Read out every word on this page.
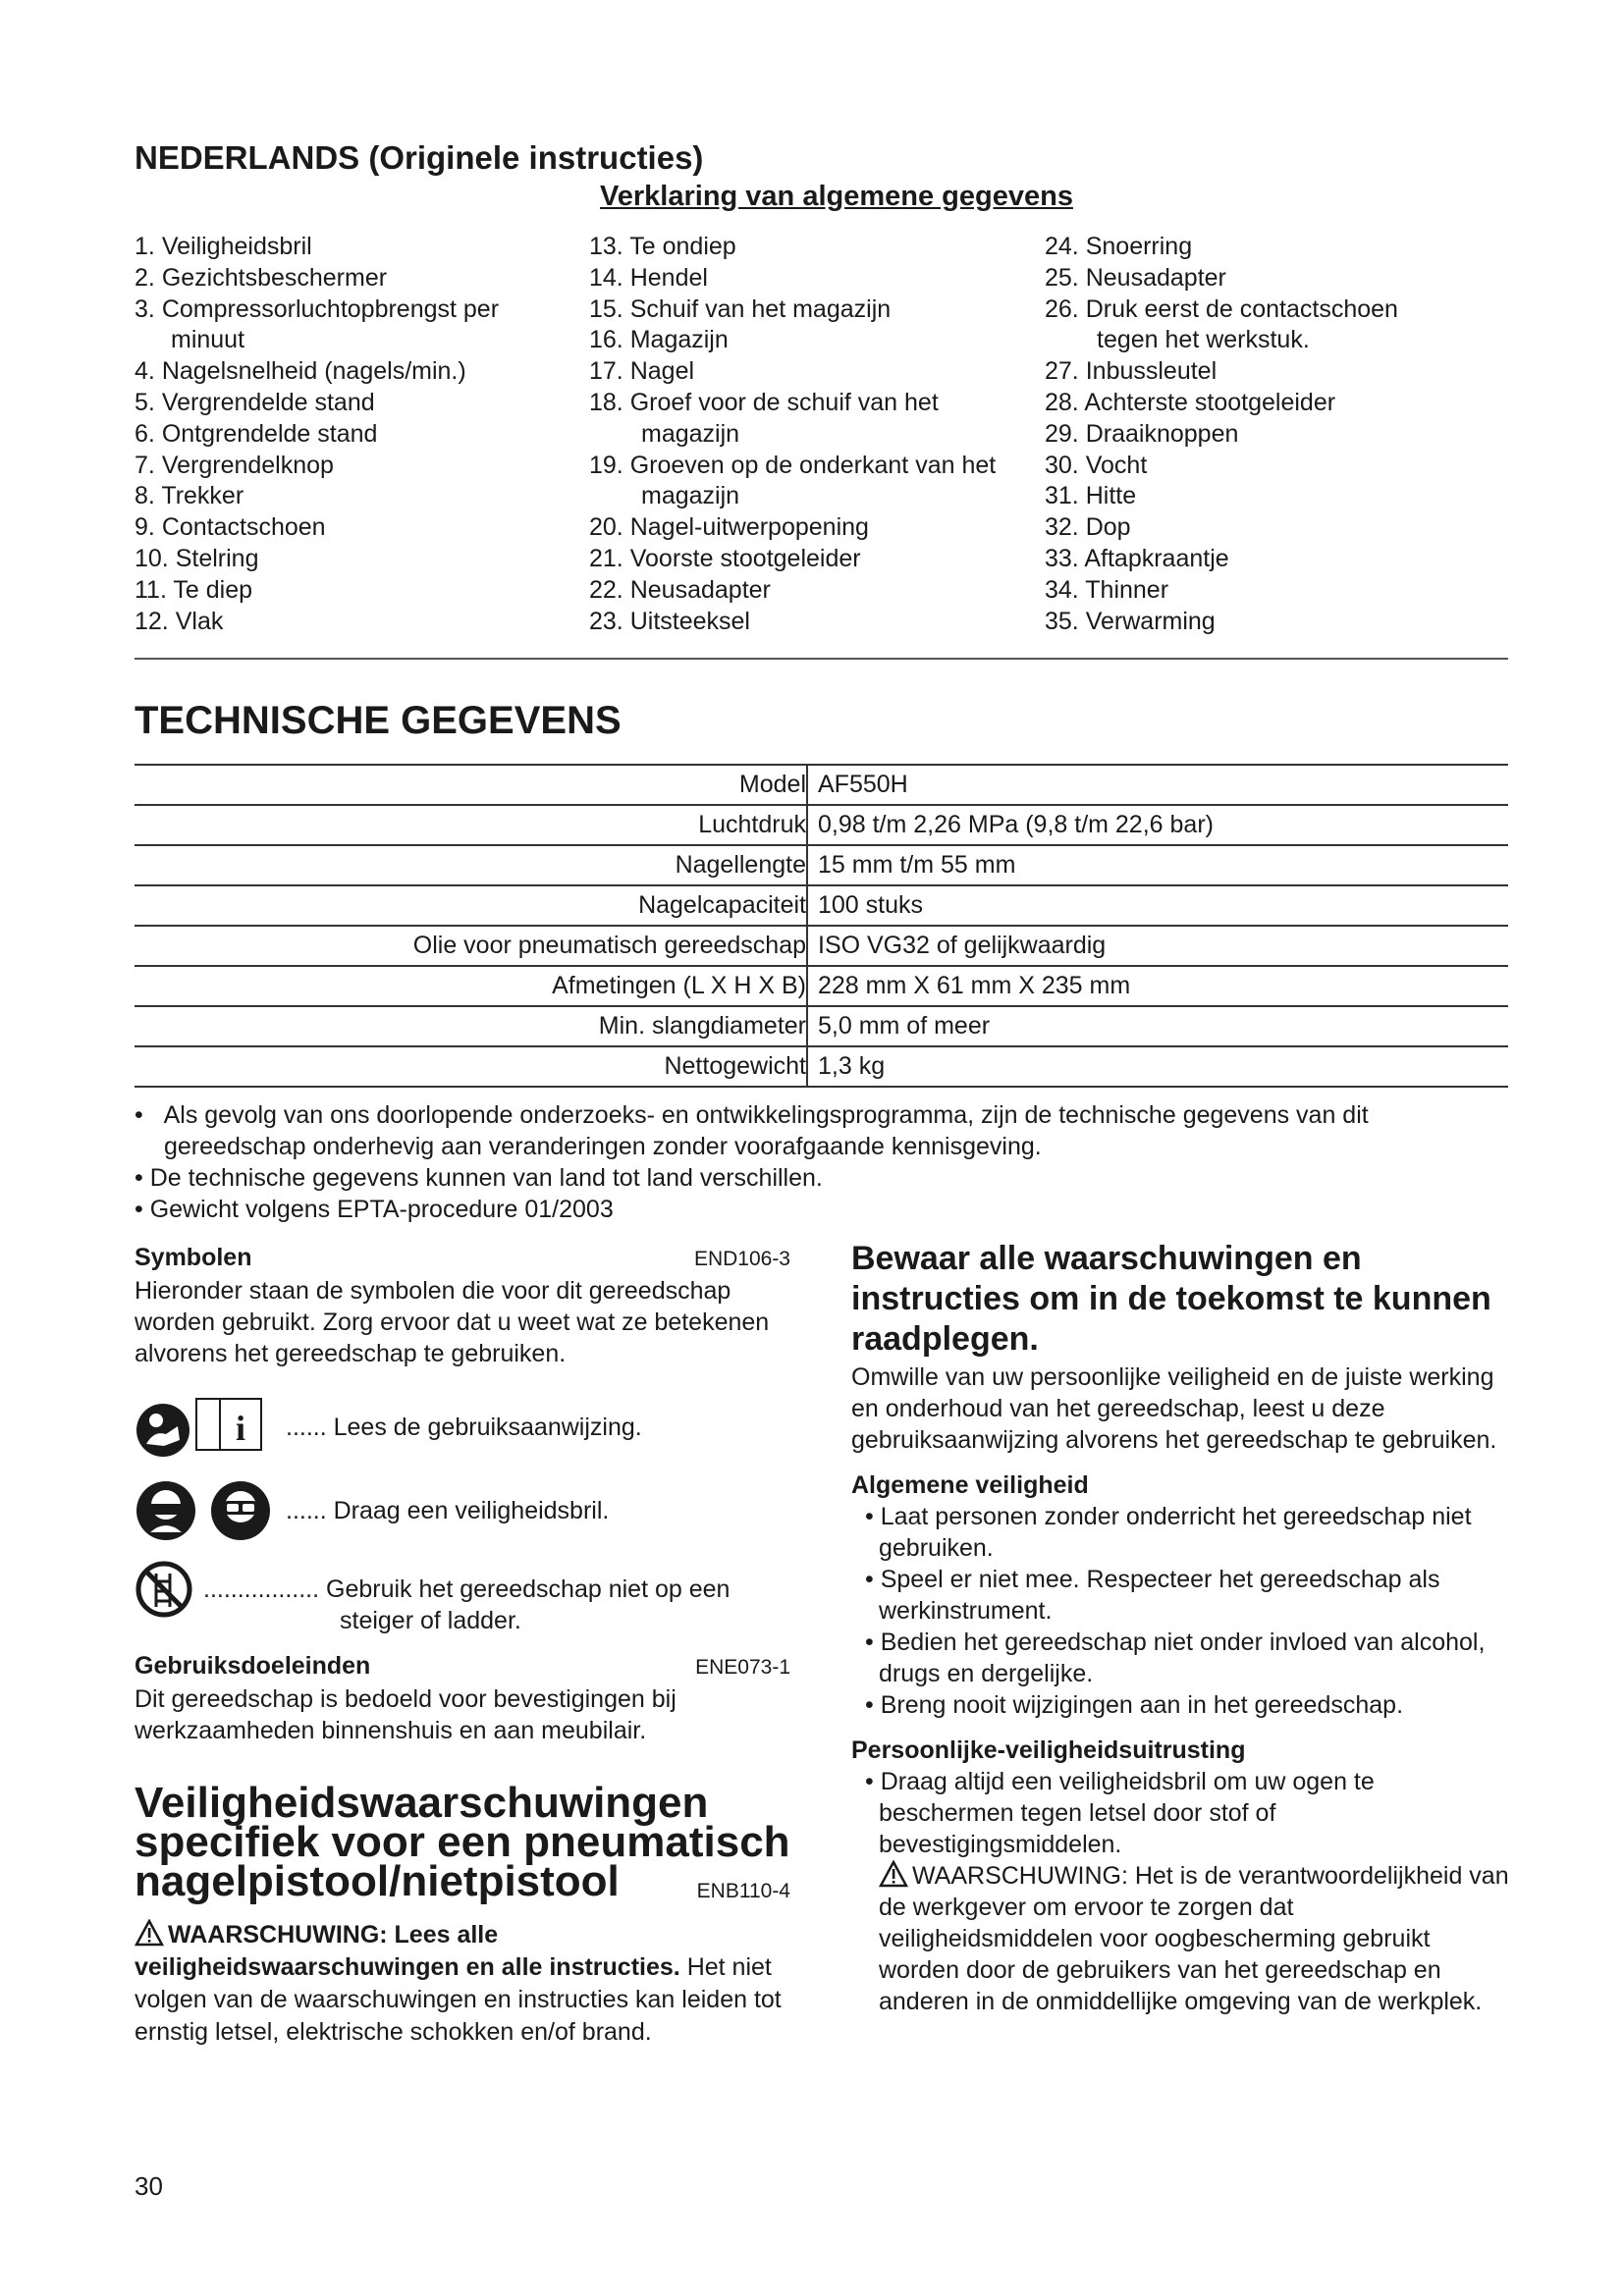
NEDERLANDS (Originele instructies)
Verklaring van algemene gegevens
1. Veiligheidsbril
2. Gezichtsbeschermer
3. Compressorluchtopbrengst per
minuut
4. Nagelsnelheid (nagels/min.)
5. Vergrendelde stand
6. Ontgrendelde stand
7. Vergrendelknop
8. Trekker
9. Contactschoen
10. Stelring
11. Te diep
12. Vlak
13. Te ondiep
14. Hendel
15. Schuif van het magazijn
16. Magazijn
17. Nagel
18. Groef voor de schuif van het
magazijn
19. Groeven op de onderkant van het
magazijn
20. Nagel-uitwerpopening
21. Voorste stootgeleider
22. Neusadapter
23. Uitsteeksel
24. Snoerring
25. Neusadapter
26. Druk eerst de contactschoen
tegen het werkstuk.
27. Inbussleutel
28. Achterste stootgeleider
29. Draaiknoppen
30. Vocht
31. Hitte
32. Dop
33. Aftapkraantje
34. Thinner
35. Verwarming
TECHNISCHE GEGEVENS
Model	AF550H
Luchtdruk	0,98 t/m 2,26 MPa (9,8 t/m 22,6 bar)
Nagellengte	15 mm t/m 55 mm
Nagelcapaciteit	100 stuks
Olie voor pneumatisch gereedschap	ISO VG32 of gelijkwaardig
Afmetingen (L X H X B)	228 mm X 61 mm X 235 mm
Min. slangdiameter	5,0 mm of meer
Nettogewicht	1,3 kg
•   Als gevolg van ons doorlopende onderzoeks- en ontwikkelingsprogramma, zijn de technische gegevens van dit gereedschap onderhevig aan veranderingen zonder voorafgaande kennisgeving.
• De technische gegevens kunnen van land tot land verschillen.
• Gewicht volgens EPTA-procedure 01/2003
Symbolen	END106-3
Hieronder staan de symbolen die voor dit gereedschap worden gebruikt. Zorg ervoor dat u weet wat ze betekenen alvorens het gereedschap te gebruiken.
i ...... Lees de gebruiksaanwijzing.
...... Draag een veiligheidsbril.
................. Gebruik het gereedschap niet op een
steiger of ladder.
Gebruiksdoeleinden	ENE073-1
Dit gereedschap is bedoeld voor bevestigingen bij werkzaamheden binnenshuis en aan meubilair.
Veiligheidswaarschuwingen
specifiek voor een pneumatisch
nagelpistool/nietpistool	ENB110-4
WAARSCHUWING: Lees alle veiligheidswaarschuwingen en alle instructies. Het niet volgen van de waarschuwingen en instructies kan leiden tot ernstig letsel, elektrische schokken en/of brand.
Bewaar alle waarschuwingen en instructies om in de toekomst te kunnen raadplegen.
Omwille van uw persoonlijke veiligheid en de juiste werking en onderhoud van het gereedschap, leest u deze gebruiksaanwijzing alvorens het gereedschap te gebruiken.
Algemene veiligheid
• Laat personen zonder onderricht het gereedschap niet gebruiken.
• Speel er niet mee. Respecteer het gereedschap als werkinstrument.
• Bedien het gereedschap niet onder invloed van alcohol, drugs en dergelijke.
• Breng nooit wijzigingen aan in het gereedschap.
Persoonlijke-veiligheidsuitrusting
• Draag altijd een veiligheidsbril om uw ogen te beschermen tegen letsel door stof of bevestigingsmiddelen.
WAARSCHUWING: Het is de verantwoordelijkheid van de werkgever om ervoor te zorgen dat veiligheidsmiddelen voor oogbescherming gebruikt worden door de gebruikers van het gereedschap en anderen in de onmiddellijke omgeving van de werkplek.
30
